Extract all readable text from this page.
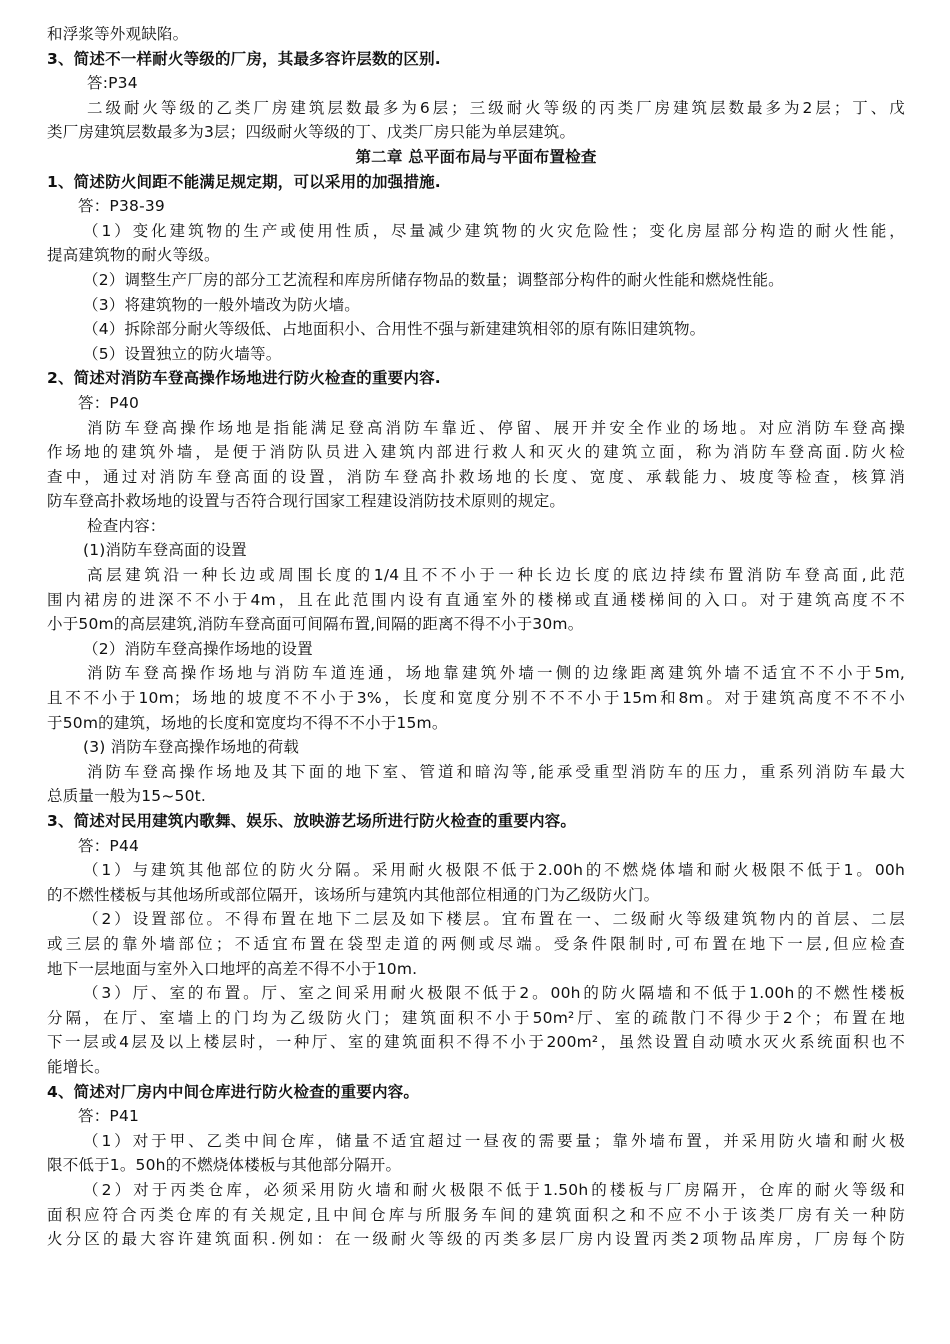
和浮浆等外观缺陷。
3、简述不一样耐火等级的厂房，其最多容许层数的区别.
答:P34
二级耐火等级的乙类厂房建筑层数最多为6层；三级耐火等级的丙类厂房建筑层数最多为2层；丁、戊
类厂房建筑层数最多为3层；四级耐火等级的丁、戊类厂房只能为单层建筑。
第二章 总平面布局与平面布置检查
1、简述防火间距不能满足规定期，可以采用的加强措施.
答：P38-39
（1）变化建筑物的生产或使用性质，尽量减少建筑物的火灾危险性；变化房屋部分构造的耐火性能，
提高建筑物的耐火等级。
（2）调整生产厂房的部分工艺流程和库房所储存物品的数量；调整部分构件的耐火性能和燃烧性能。
（3）将建筑物的一般外墙改为防火墙。
（4）拆除部分耐火等级低、占地面积小、合用性不强与新建建筑相邻的原有陈旧建筑物。
（5）设置独立的防火墙等。
2、简述对消防车登高操作场地进行防火检查的重要内容.
答：P40
消防车登高操作场地是指能满足登高消防车靠近、停留、展开并安全作业的场地。对应消防车登高操
作场地的建筑外墙，是便于消防队员进入建筑内部进行救人和灭火的建筑立面，称为消防车登高面.防火检
查中，通过对消防车登高面的设置，消防车登高扑救场地的长度、宽度、承载能力、坡度等检查，核算消
防车登高扑救场地的设置与否符合现行国家工程建设消防技术原则的规定。
检查内容：
(1)消防车登高面的设置
高层建筑沿一种长边或周围长度的1/4且不不小于一种长边长度的底边持续布置消防车登高面,此范
围内裙房的进深不不小于4m，且在此范围内设有直通室外的楼梯或直通楼梯间的入口。对于建筑高度不不
小于50m的高层建筑,消防车登高面可间隔布置,间隔的距离不得不小于30m。
（2）消防车登高操作场地的设置
消防车登高操作场地与消防车道连通，场地靠建筑外墙一侧的边缘距离建筑外墙不适宜不不小于5m,
且不不小于10m；场地的坡度不不小于3%，长度和宽度分别不不不小于15m和8m。对于建筑高度不不不小
于50m的建筑，场地的长度和宽度均不得不不小于15m。
(3) 消防车登高操作场地的荷载
消防车登高操作场地及其下面的地下室、管道和暗沟等,能承受重型消防车的压力，重系列消防车最大
总质量一般为15~50t.
3、简述对民用建筑内歌舞、娱乐、放映游艺场所进行防火检查的重要内容。
答：P44
（1）与建筑其他部位的防火分隔。采用耐火极限不低于2.00h的不燃烧体墙和耐火极限不低于1。00h
的不燃性楼板与其他场所或部位隔开，该场所与建筑内其他部位相通的门为乙级防火门。
（2）设置部位。不得布置在地下二层及如下楼层。宜布置在一、二级耐火等级建筑物内的首层、二层
或三层的靠外墙部位；不适宜布置在袋型走道的两侧或尽端。受条件限制时,可布置在地下一层,但应检查
地下一层地面与室外入口地坪的高差不得不小于10m.
（3）厅、室的布置。厅、室之间采用耐火极限不低于2。00h的防火隔墙和不低于1.00h的不燃性楼板
分隔，在厅、室墙上的门均为乙级防火门；建筑面积不小于50m²厅、室的疏散门不得少于2个；布置在地
下一层或4层及以上楼层时，一种厅、室的建筑面积不得不小于200m²，虽然设置自动喷水灭火系统面积也不
能增长。
4、简述对厂房内中间仓库进行防火检查的重要内容。
答：P41
（1）对于甲、乙类中间仓库，储量不适宜超过一昼夜的需要量；靠外墙布置，并采用防火墙和耐火极
限不低于1。50h的不燃烧体楼板与其他部分隔开。
（2）对于丙类仓库，必须采用防火墙和耐火极限不低于1.50h的楼板与厂房隔开，仓库的耐火等级和
面积应符合丙类仓库的有关规定,且中间仓库与所服务车间的建筑面积之和不应不小于该类厂房有关一种防
火分区的最大容许建筑面积.例如：在一级耐火等级的丙类多层厂房内设置丙类2项物品库房，厂房每个防
